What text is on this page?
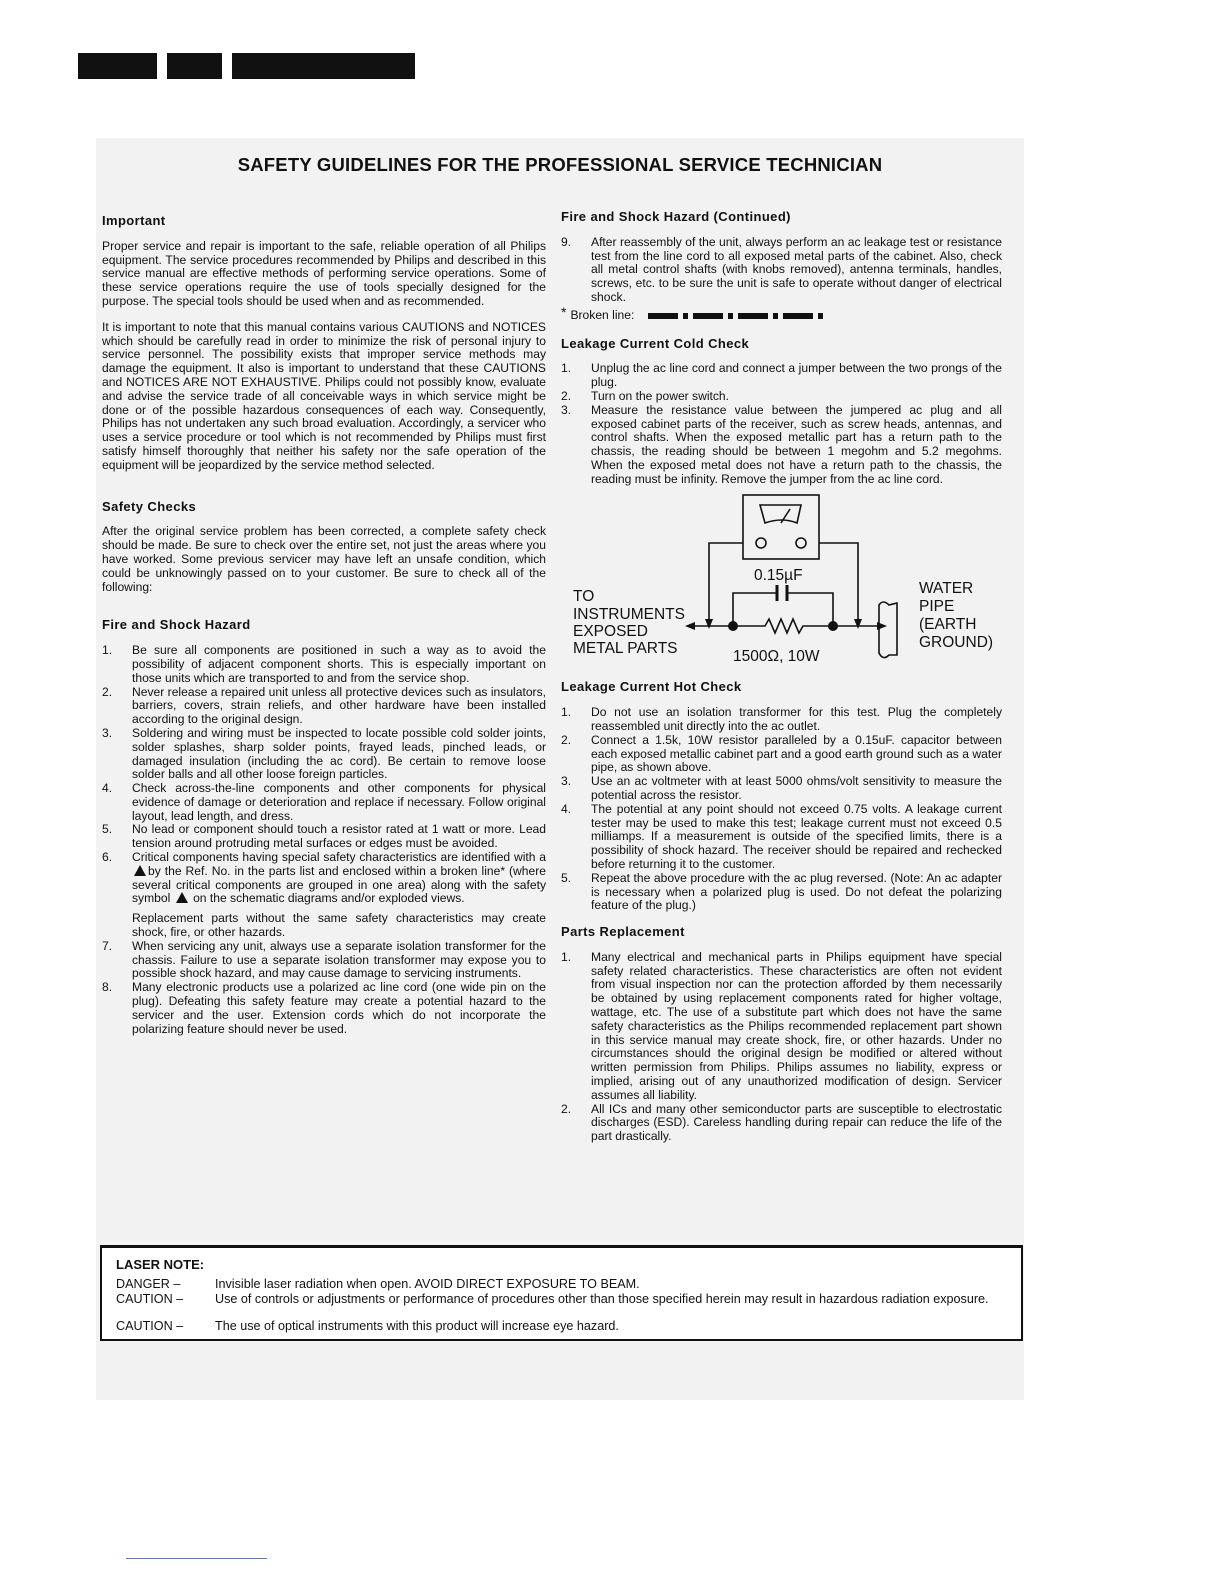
SAFETY GUIDELINES FOR THE PROFESSIONAL SERVICE TECHNICIAN
Important

Proper service and repair is important to the safe, reliable operation of all Philips equipment. The service procedures recommended by Philips and described in this service manual are effective methods of performing service operations. Some of these service operations require the use of tools specially designed for the purpose. The special tools should be used when and as recommended.

It is important to note that this manual contains various CAUTIONS and NOTICES which should be carefully read in order to minimize the risk of personal injury to service personnel. The possibility exists that improper service methods may damage the equipment. It also is important to understand that these CAUTIONS and NOTICES ARE NOT EXHAUSTIVE. Philips could not possibly know, evaluate and advise the service trade of all conceivable ways in which service might be done or of the possible hazardous consequences of each way. Consequently, Philips has not undertaken any such broad evaluation. Accordingly, a servicer who uses a service procedure or tool which is not recommended by Philips must first satisfy himself thoroughly that neither his safety nor the safe operation of the equipment will be jeopardized by the service method selected.

Safety Checks

After the original service problem has been corrected, a complete safety check should be made. Be sure to check over the entire set, not just the areas where you have worked. Some previous servicer may have left an unsafe condition, which could be unknowingly passed on to your customer. Be sure to check all of the following:

Fire and Shock Hazard
1. Be sure all components are positioned in such a way as to avoid the possibility of adjacent component shorts. This is especially important on those units which are transported to and from the service shop.
2. Never release a repaired unit unless all protective devices such as insulators, barriers, covers, strain reliefs, and other hardware have been installed according to the original design.
3. Soldering and wiring must be inspected to locate possible cold solder joints, solder splashes, sharp solder points, frayed leads, pinched leads, or damaged insulation (including the ac cord). Be certain to remove loose solder balls and all other loose foreign particles.
4. Check across-the-line components and other components for physical evidence of damage or deterioration and replace if necessary. Follow original layout, lead length, and dress.
5. No lead or component should touch a resistor rated at 1 watt or more. Lead tension around protruding metal surfaces or edges must be avoided.
6. Critical components having special safety characteristics are identified with a by the Ref. No. in the parts list and enclosed within a broken line* (where several critical components are grouped in one area) along with the safety symbol on the schematic diagrams and/or exploded views.
Replacement parts without the same safety characteristics may create shock, fire, or other hazards.
7. When servicing any unit, always use a separate isolation transformer for the chassis. Failure to use a separate isolation transformer may expose you to possible shock hazard, and may cause damage to servicing instruments.
8. Many electronic products use a polarized ac line cord (one wide pin on the plug). Defeating this safety feature may create a potential hazard to the servicer and the user. Extension cords which do not incorporate the polarizing feature should never be used.
Fire and Shock Hazard (Continued)
9. After reassembly of the unit, always perform an ac leakage test or resistance test from the line cord to all exposed metal parts of the cabinet. Also, check all metal control shafts (with knobs removed), antenna terminals, handles, screws, etc. to be sure the unit is safe to operate without danger of electrical shock.
* Broken line:
Leakage Current Cold Check
1. Unplug the ac line cord and connect a jumper between the two prongs of the plug.
2. Turn on the power switch.
3. Measure the resistance value between the jumpered ac plug and all exposed cabinet parts of the receiver, such as screw heads, antennas, and control shafts. When the exposed metallic part has a return path to the chassis, the reading should be between 1 megohm and 5.2 megohms. When the exposed metal does not have a return path to the chassis, the reading must be infinity. Remove the jumper from the ac line cord.
0.15µF
1500Ω, 10W
TO
INSTRUMENTS
EXPOSED
METAL PARTS
WATER
PIPE
(EARTH
GROUND)
Leakage Current Hot Check
1. Do not use an isolation transformer for this test. Plug the completely reassembled unit directly into the ac outlet.
2. Connect a 1.5k, 10W resistor paralleled by a 0.15uF. capacitor between each exposed metallic cabinet part and a good earth ground such as a water pipe, as shown above.
3. Use an ac voltmeter with at least 5000 ohms/volt sensitivity to measure the potential across the resistor.
4. The potential at any point should not exceed 0.75 volts. A leakage current tester may be used to make this test; leakage current must not exceed 0.5 milliamps. If a measurement is outside of the specified limits, there is a possibility of shock hazard. The receiver should be repaired and rechecked before returning it to the customer.
5. Repeat the above procedure with the ac plug reversed. (Note: An ac adapter is necessary when a polarized plug is used. Do not defeat the polarizing feature of the plug.)
Parts Replacement
1. Many electrical and mechanical parts in Philips equipment have special safety related characteristics. These characteristics are often not evident from visual inspection nor can the protection afforded by them necessarily be obtained by using replacement components rated for higher voltage, wattage, etc. The use of a substitute part which does not have the same safety characteristics as the Philips recommended replacement part shown in this service manual may create shock, fire, or other hazards. Under no circumstances should the original design be modified or altered without written permission from Philips. Philips assumes no liability, express or implied, arising out of any unauthorized modification of design. Servicer assumes all liability.
2. All ICs and many other semiconductor parts are susceptible to electrostatic discharges (ESD). Careless handling during repair can reduce the life of the part drastically.
LASER NOTE:
DANGER –	Invisible laser radiation when open. AVOID DIRECT EXPOSURE TO BEAM.
CAUTION –	Use of controls or adjustments or performance of procedures other than those specified herein may result in hazardous radiation exposure.
CAUTION –	The use of optical instruments with this product will increase eye hazard.
